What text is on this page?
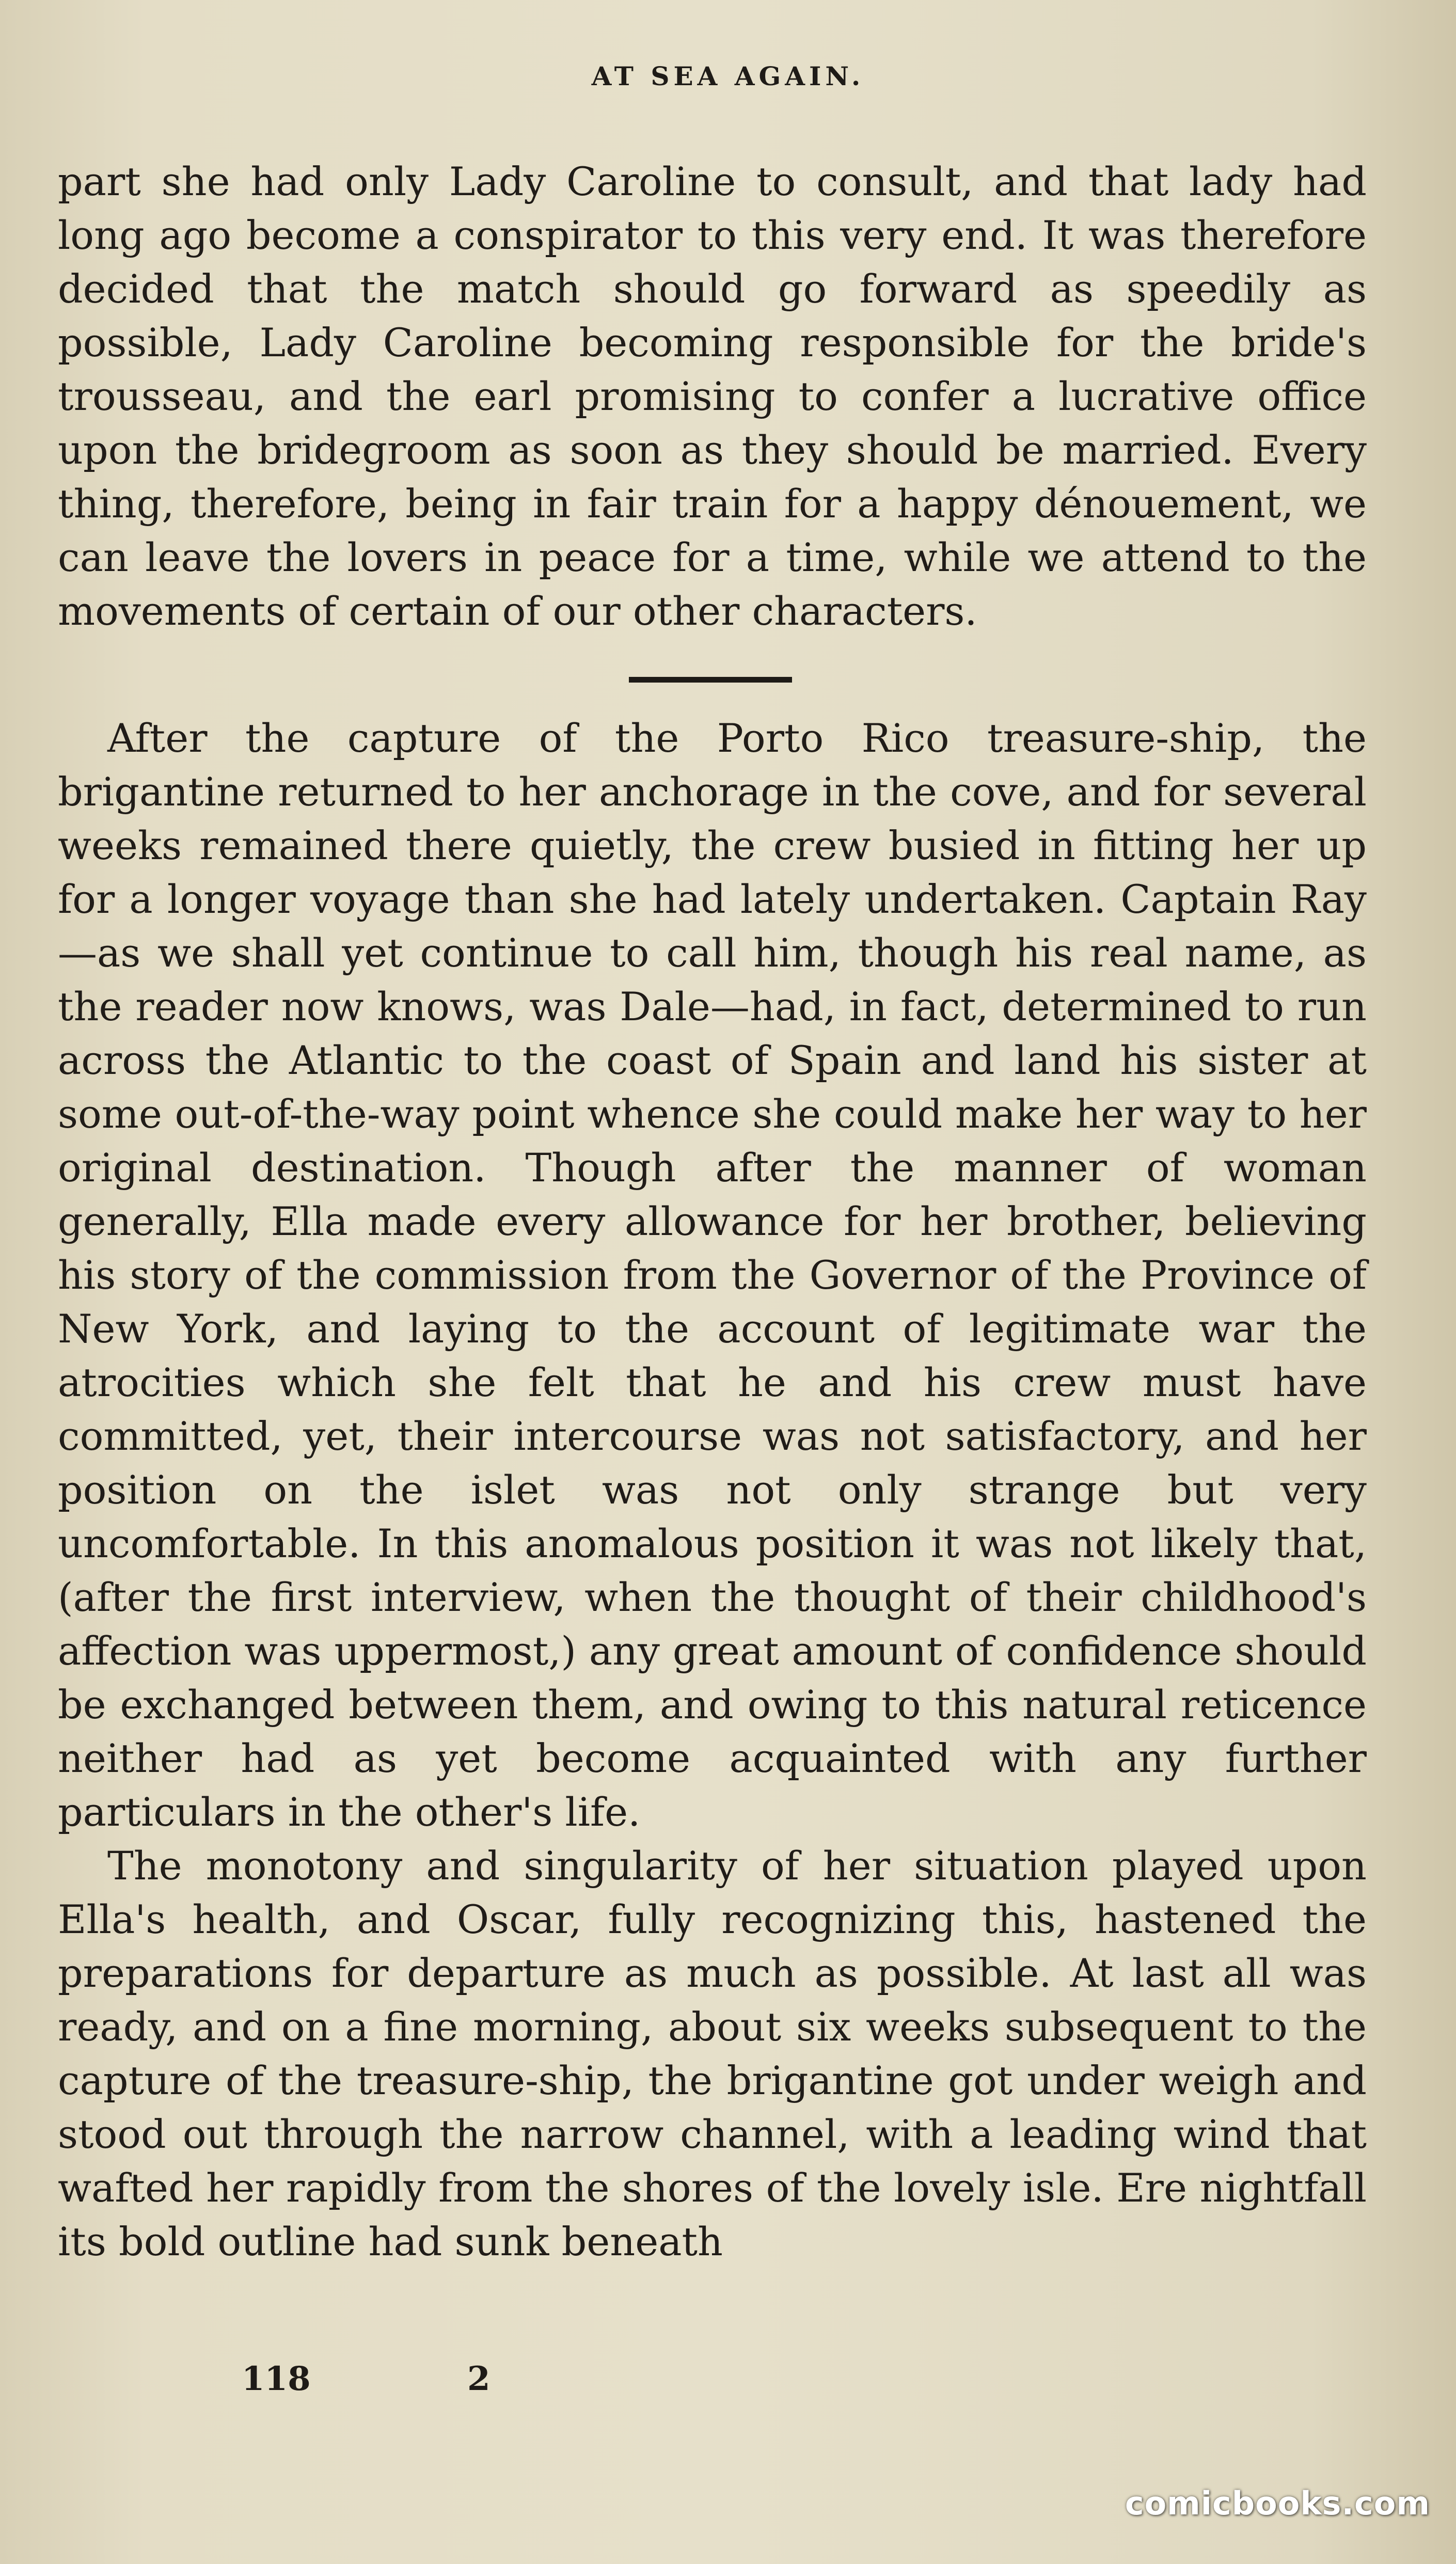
AT SEA AGAIN.

part she had only Lady Caroline to consult, and that lady had long ago become a conspirator to this very end. It was therefore decided that the match should go forward as speedily as possible, Lady Caroline becoming responsible for the bride's trousseau, and the earl promising to confer a lucrative office upon the bridegroom as soon as they should be married. Every thing, therefore, being in fair train for a happy dénouement, we can leave the lovers in peace for a time, while we attend to the movements of certain of our other characters.

After the capture of the Porto Rico treasure-ship, the brigantine returned to her anchorage in the cove, and for several weeks remained there quietly, the crew busied in fitting her up for a longer voyage than she had lately undertaken. Captain Ray—as we shall yet continue to call him, though his real name, as the reader now knows, was Dale—had, in fact, determined to run across the Atlantic to the coast of Spain and land his sister at some out-of-the-way point whence she could make her way to her original destination. Though after the manner of woman generally, Ella made every allowance for her brother, believing his story of the commission from the Governor of the Province of New York, and laying to the account of legitimate war the atrocities which she felt that he and his crew must have committed, yet, their intercourse was not satisfactory, and her position on the islet was not only strange but very uncomfortable. In this anomalous position it was not likely that, (after the first interview, when the thought of their childhood's affection was uppermost,) any great amount of confidence should be exchanged between them, and owing to this natural reticence neither had as yet become acquainted with any further particulars in the other's life.

The monotony and singularity of her situation played upon Ella's health, and Oscar, fully recognizing this, hastened the preparations for departure as much as possible. At last all was ready, and on a fine morning, about six weeks subsequent to the capture of the treasure-ship, the brigantine got under weigh and stood out through the narrow channel, with a leading wind that wafted her rapidly from the shores of the lovely isle. Ere nightfall its bold outline had sunk beneath

118	2
comicbooks.com
